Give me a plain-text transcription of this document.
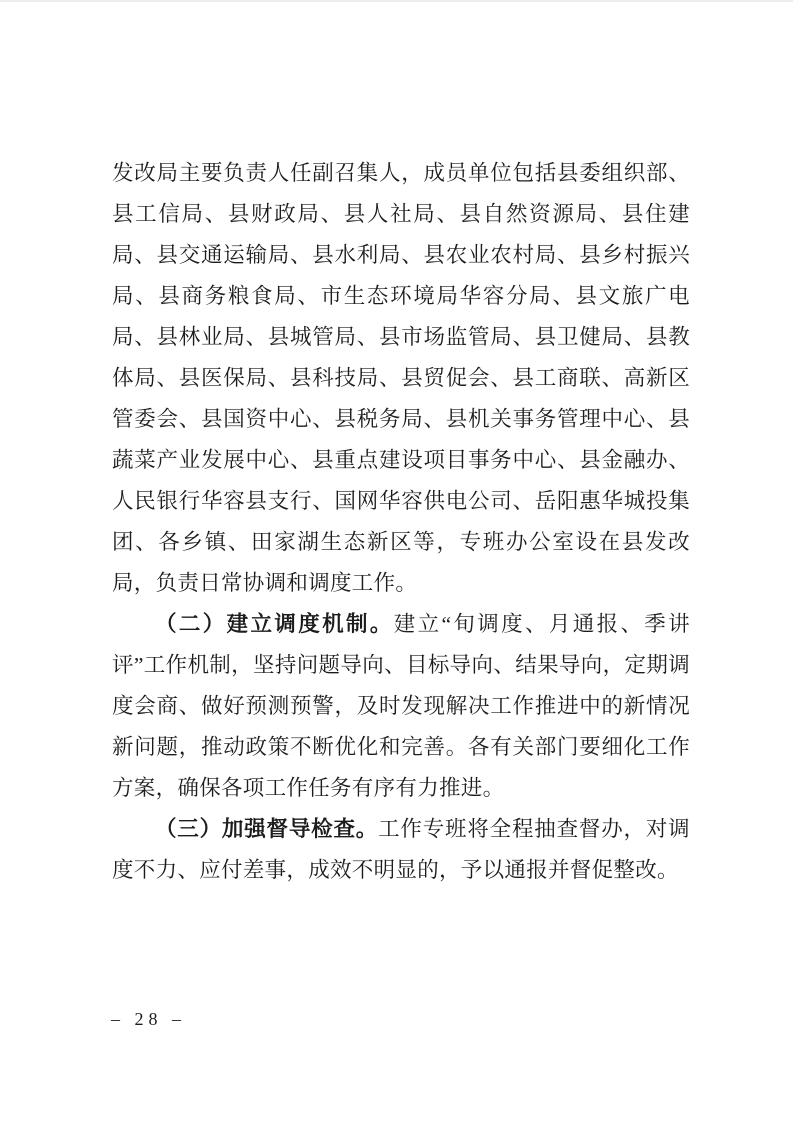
发改局主要负责人任副召集人，成员单位包括县委组织部、县工信局、县财政局、县人社局、县自然资源局、县住建局、县交通运输局、县水利局、县农业农村局、县乡村振兴局、县商务粮食局、市生态环境局华容分局、县文旅广电局、县林业局、县城管局、县市场监管局、县卫健局、县教体局、县医保局、县科技局、县贸促会、县工商联、高新区管委会、县国资中心、县税务局、县机关事务管理中心、县蔬菜产业发展中心、县重点建设项目事务中心、县金融办、人民银行华容县支行、国网华容供电公司、岳阳惠华城投集团、各乡镇、田家湖生态新区等，专班办公室设在县发改局，负责日常协调和调度工作。

（二）建立调度机制。建立“旬调度、月通报、季讲评”工作机制，坚持问题导向、目标导向、结果导向，定期调度会商、做好预测预警，及时发现解决工作推进中的新情况新问题，推动政策不断优化和完善。各有关部门要细化工作方案，确保各项工作任务有序有力推进。

（三）加强督导检查。工作专班将全程抽查督办，对调度不力、应付差事，成效不明显的，予以通报并督促整改。

– 28 –
